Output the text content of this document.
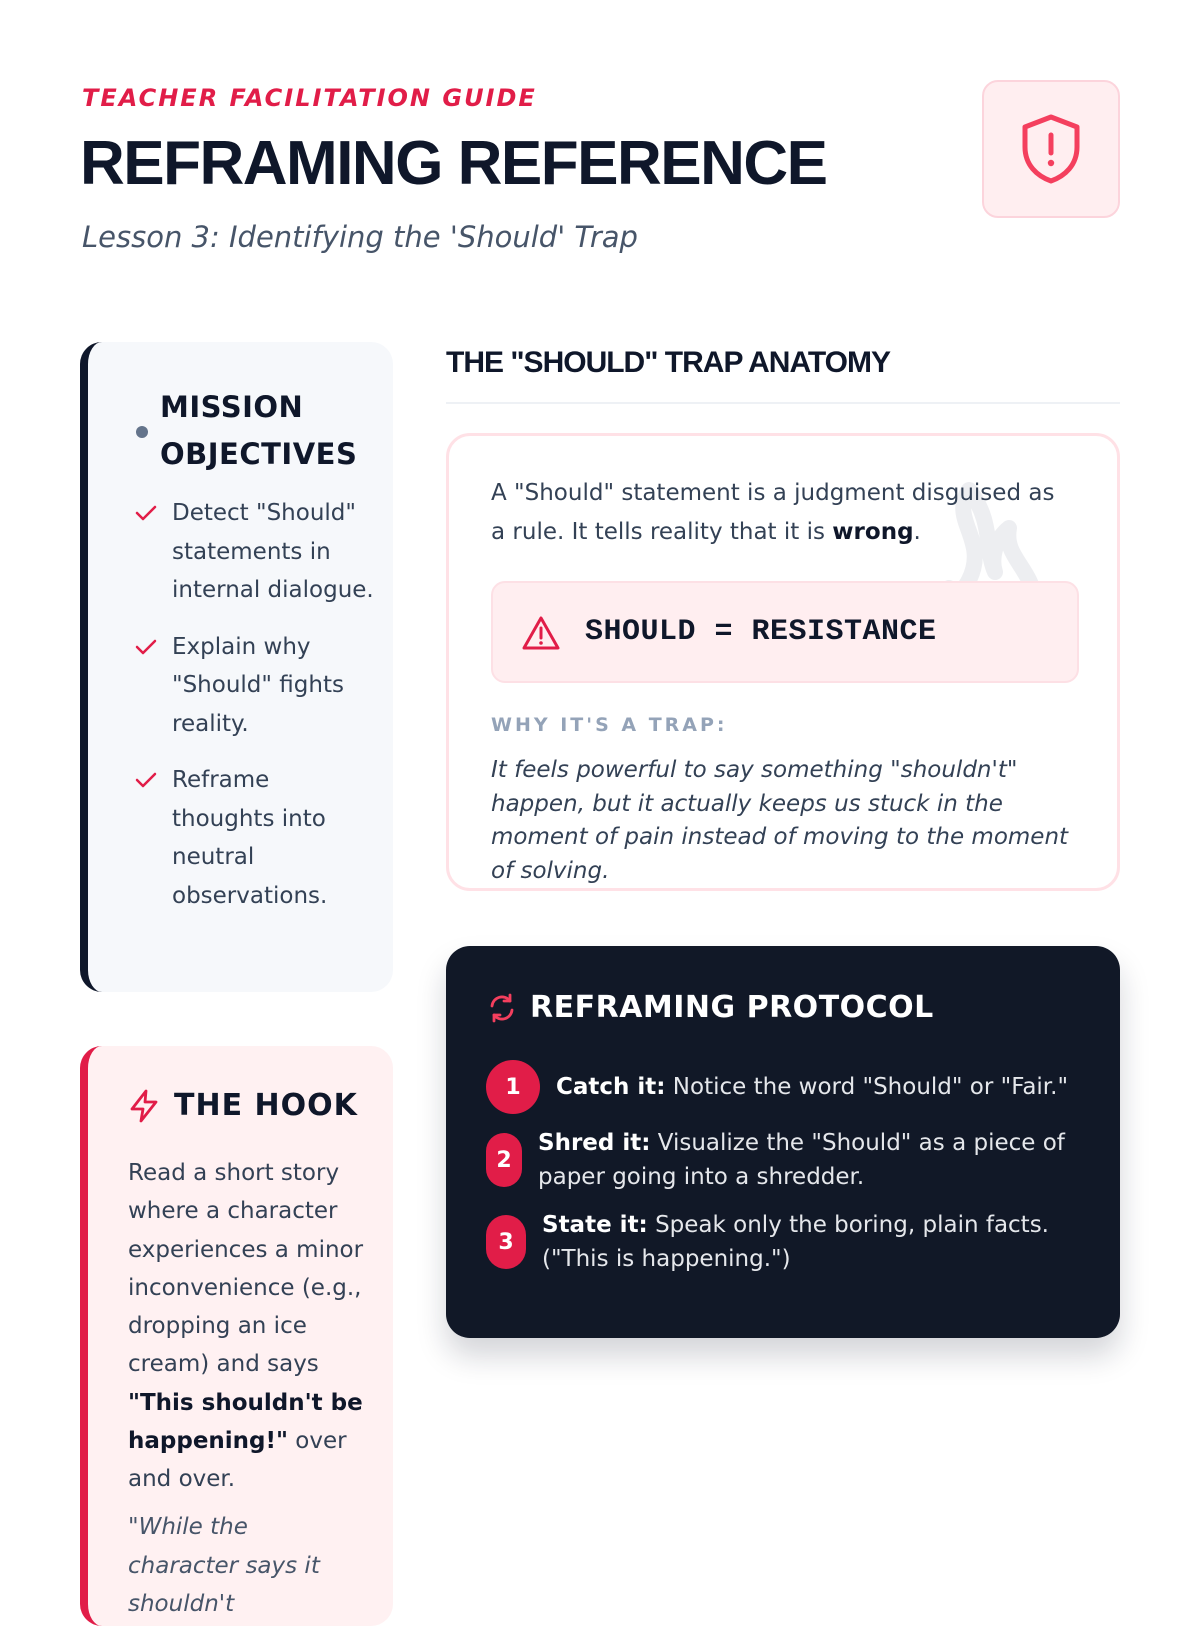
TEACHER FACILITATION GUIDE
REFRAMING REFERENCE
Lesson 3: Identifying the 'Should' Trap
MISSION OBJECTIVES
Detect "Should" statements in internal dialogue.
Explain why "Should" fights reality.
Reframe thoughts into neutral observations.
THE HOOK

Read a short story where a character experiences a minor inconvenience (e.g., dropping an ice cream) and says "This shouldn't be happening!" over and over.

"While the character says it shouldn't

THE "SHOULD" TRAP ANATOMY

A "Should" statement is a judgment disguised as a rule. It tells reality that it is wrong.

SHOULD = RESISTANCE
WHY IT'S A TRAP:

It feels powerful to say something "shouldn't" happen, but it actually keeps us stuck in the moment of pain instead of moving to the moment of solving.

REFRAMING PROTOCOL
1	Catch it: Notice the word "Should" or "Fair."

2

Shred it: Visualize the "Should" as a piece of paper going into a shredder.

3

State it: Speak only the boring, plain facts. ("This is happening.")
